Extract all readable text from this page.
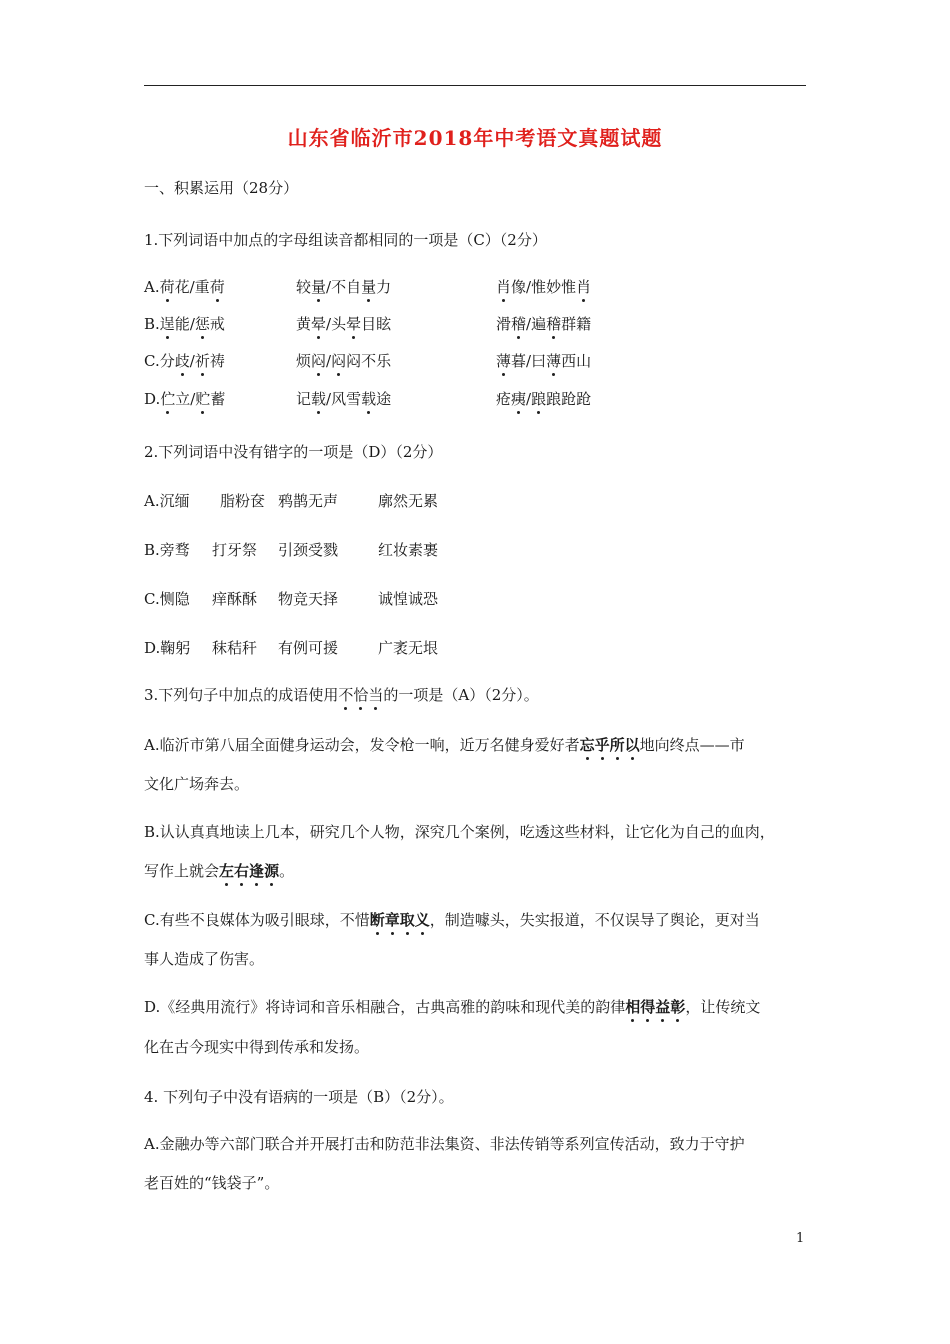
山东省临沂市2018年中考语文真题试题
一、积累运用（28分）
1.下列词语中加点的字母组读音都相同的一项是（C）（2分）
A.荷花/重荷	较量/不自量力	肖像/惟妙惟肖
B.逞能/惩戒	黄晕/头晕目眩	滑稽/遍稽群籍
C.分歧/祈祷	烦闷/闷闷不乐	薄暮/曰薄西山
D.伫立/贮蓄	记载/风雪载途	疮痍/踉踉跄跄
2.下列词语中没有错字的一项是（D）（2分）
A.沉缅 脂粉奁 鸦鹊无声	廓然无累
B.旁骛 打牙祭 引颈受戮	红妆素裹
C.恻隐 痒酥酥 物竞天择	诚惶诚恐
D.鞠躬 秣秸秆 有例可援	广袤无垠
3.下列句子中加点的成语使用不恰当的一项是（A）（2分）。
A.临沂市第八届全面健身运动会，发令枪一响，近万名健身爱好者忘乎所以地向终点——市
文化广场奔去。
B.认认真真地读上几本，研究几个人物，深究几个案例，吃透这些材料，让它化为自己的血肉，
写作上就会左右逢源。
C.有些不良媒体为吸引眼球，不惜断章取义，制造噱头，失实报道，不仅误导了舆论，更对当
事人造成了伤害。
D.《经典用流行》将诗词和音乐相融合，古典高雅的韵味和现代美的韵律相得益彰，让传统文
化在古今现实中得到传承和发扬。
4. 下列句子中没有语病的一项是（B）（2分）。
A.金融办等六部门联合并开展打击和防范非法集资、非法传销等系列宣传活动，致力于守护
老百姓的“钱袋子”。
1
